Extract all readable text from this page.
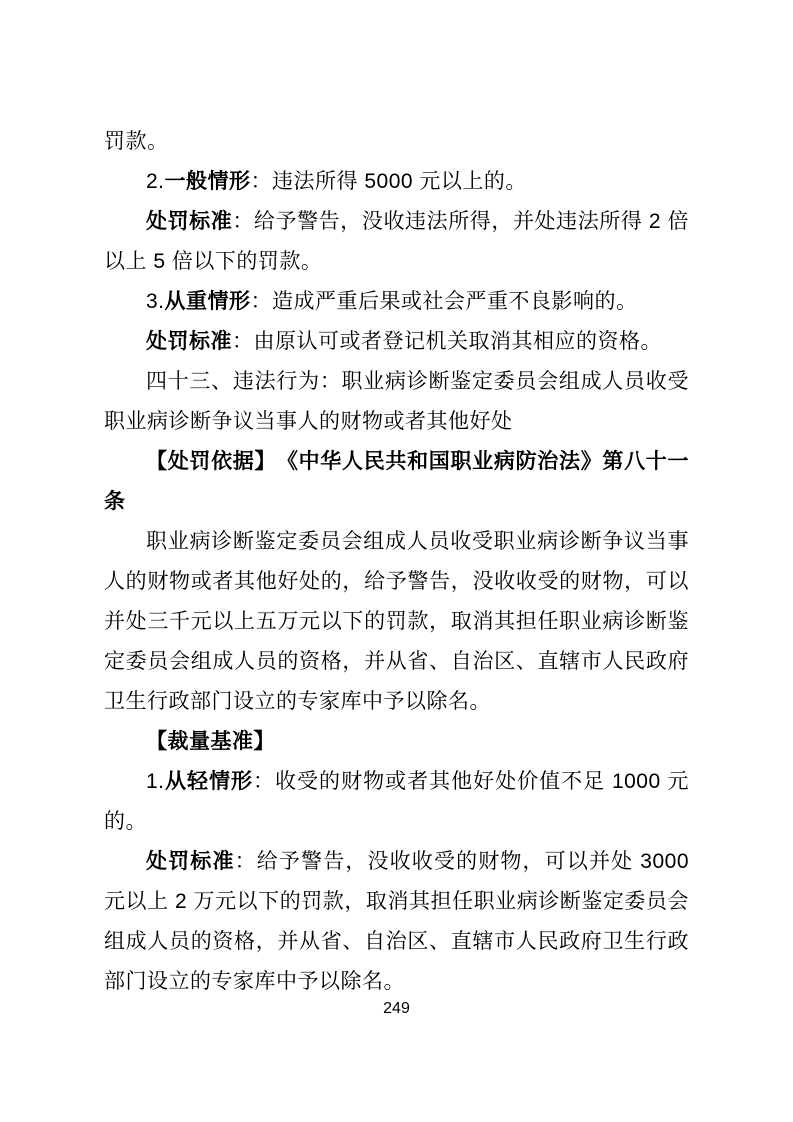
罚款。

2.一般情形：违法所得 5000 元以上的。

处罚标准：给予警告，没收违法所得，并处违法所得 2 倍以上 5 倍以下的罚款。

3.从重情形：造成严重后果或社会严重不良影响的。

处罚标准：由原认可或者登记机关取消其相应的资格。

四十三、违法行为：职业病诊断鉴定委员会组成人员收受职业病诊断争议当事人的财物或者其他好处

【处罚依据】　《中华人民共和国职业病防治法》第八十一条

职业病诊断鉴定委员会组成人员收受职业病诊断争议当事人的财物或者其他好处的，给予警告，没收收受的财物，可以并处三千元以上五万元以下的罚款，取消其担任职业病诊断鉴定委员会组成人员的资格，并从省、自治区、直辖市人民政府卫生行政部门设立的专家库中予以除名。

【裁量基准】

1.从轻情形：收受的财物或者其他好处价值不足 1000 元的。

处罚标准：给予警告，没收收受的财物，可以并处 3000 元以上 2 万元以下的罚款，取消其担任职业病诊断鉴定委员会组成人员的资格，并从省、自治区、直辖市人民政府卫生行政部门设立的专家库中予以除名。

249
